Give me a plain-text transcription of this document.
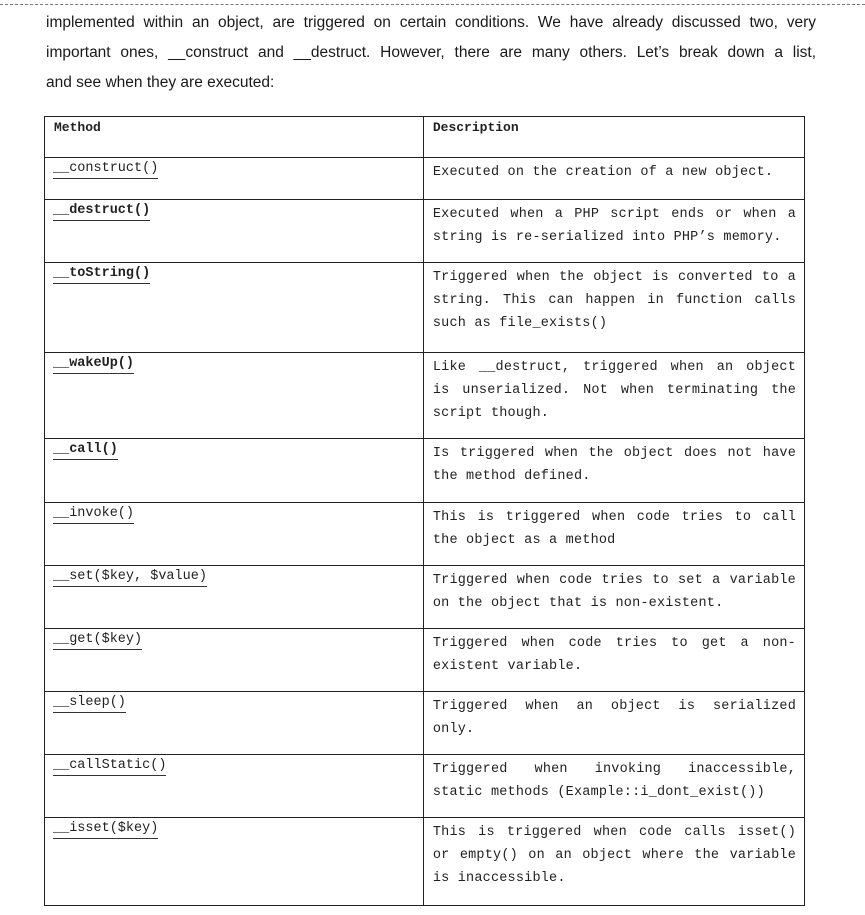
implemented within an object, are triggered on certain conditions. We have already discussed two, very
important ones, __construct and __destruct. However, there are many others. Let’s break down a list,
and see when they are executed:
Method	Description

__construct()	Executed on the creation of a new object.

__destruct()	Executed when a PHP script ends or when a string is re-serialized into PHP’s memory.

__toString()	Triggered when the object is converted to a string. This can happen in function calls such as file_exists()

__wakeUp()	Like __destruct, triggered when an object is unserialized. Not when terminating the script though.

__call()	Is triggered when the object does not have the method defined.

__invoke()	This is triggered when code tries to call the object as a method

__set($key, $value)	Triggered when code tries to set a variable on the object that is non-existent.

__get($key)	Triggered when code tries to get a non-existent variable.

__sleep()	Triggered when an object is serialized only.

__callStatic()	Triggered when invoking inaccessible, static methods (Example::i_dont_exist())

__isset($key)	This is triggered when code calls isset() or empty() on an object where the variable is inaccessible.
